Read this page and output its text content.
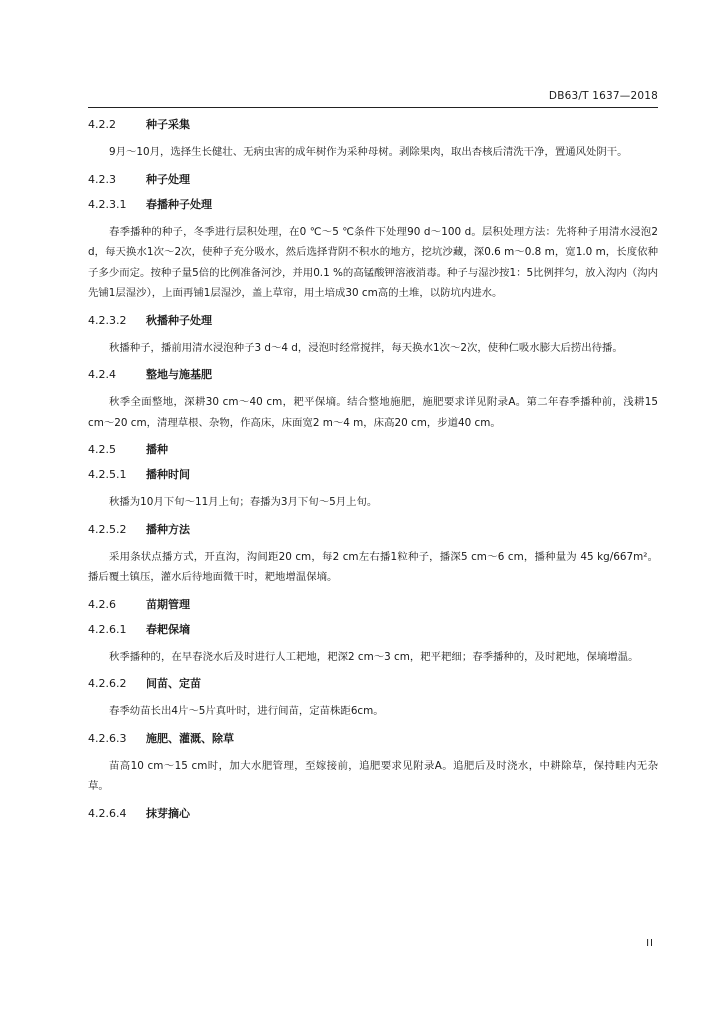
DB63/T 1637—2018
4.2.2	种子采集
9月～10月，选择生长健壮、无病虫害的成年树作为采种母树。剥除果肉，取出杏核后清洗干净，置通风处阴干。
4.2.3	种子处理
4.2.3.1 春播种子处理
春季播种的种子，冬季进行层积处理，在0 ℃～5 ℃条件下处理90 d～100 d。层积处理方法：先将种子用清水浸泡2 d，每天换水1次～2次，使种子充分吸水，然后选择背阴不积水的地方，挖坑沙藏，深0.6 m～0.8 m，宽1.0 m，长度依种子多少而定。按种子量5倍的比例准备河沙，并用0.1 %的高锰酸钾溶液消毒。种子与湿沙按1：5比例拌匀，放入沟内（沟内先铺1层湿沙），上面再铺1层湿沙，盖上草帘，用土培成30 cm高的土堆，以防坑内进水。
4.2.3.2 秋播种子处理
秋播种子，播前用清水浸泡种子3 d～4 d，浸泡时经常搅拌，每天换水1次～2次，使种仁吸水膨大后捞出待播。
4.2.4	整地与施基肥
秋季全面整地，深耕30 cm～40 cm，耙平保墒。结合整地施肥，施肥要求详见附录A。第二年春季播种前，浅耕15 cm～20 cm，清理草根、杂物，作高床，床面宽2 m～4 m，床高20 cm，步道40 cm。
4.2.5	播种
4.2.5.1 播种时间
秋播为10月下旬～11月上旬；春播为3月下旬～5月上旬。
4.2.5.2 播种方法
采用条状点播方式，开直沟，沟间距20 cm，每2 cm左右播1粒种子，播深5 cm～6 cm，播种量为 45 kg/667m²。播后覆土镇压，灌水后待地面微干时，耙地增温保墒。
4.2.6	苗期管理
4.2.6.1 春耙保墒
秋季播种的，在早春浇水后及时进行人工耙地，耙深2 cm～3 cm，耙平耙细；春季播种的，及时耙地，保墒增温。
4.2.6.2 间苗、定苗
春季幼苗长出4片～5片真叶时，进行间苗，定苗株距6cm。
4.2.6.3 施肥、灌溉、除草
苗高10 cm～15 cm时，加大水肥管理，至嫁接前，追肥要求见附录A。追肥后及时浇水，中耕除草，保持畦内无杂草。
4.2.6.4 抹芽摘心
II
